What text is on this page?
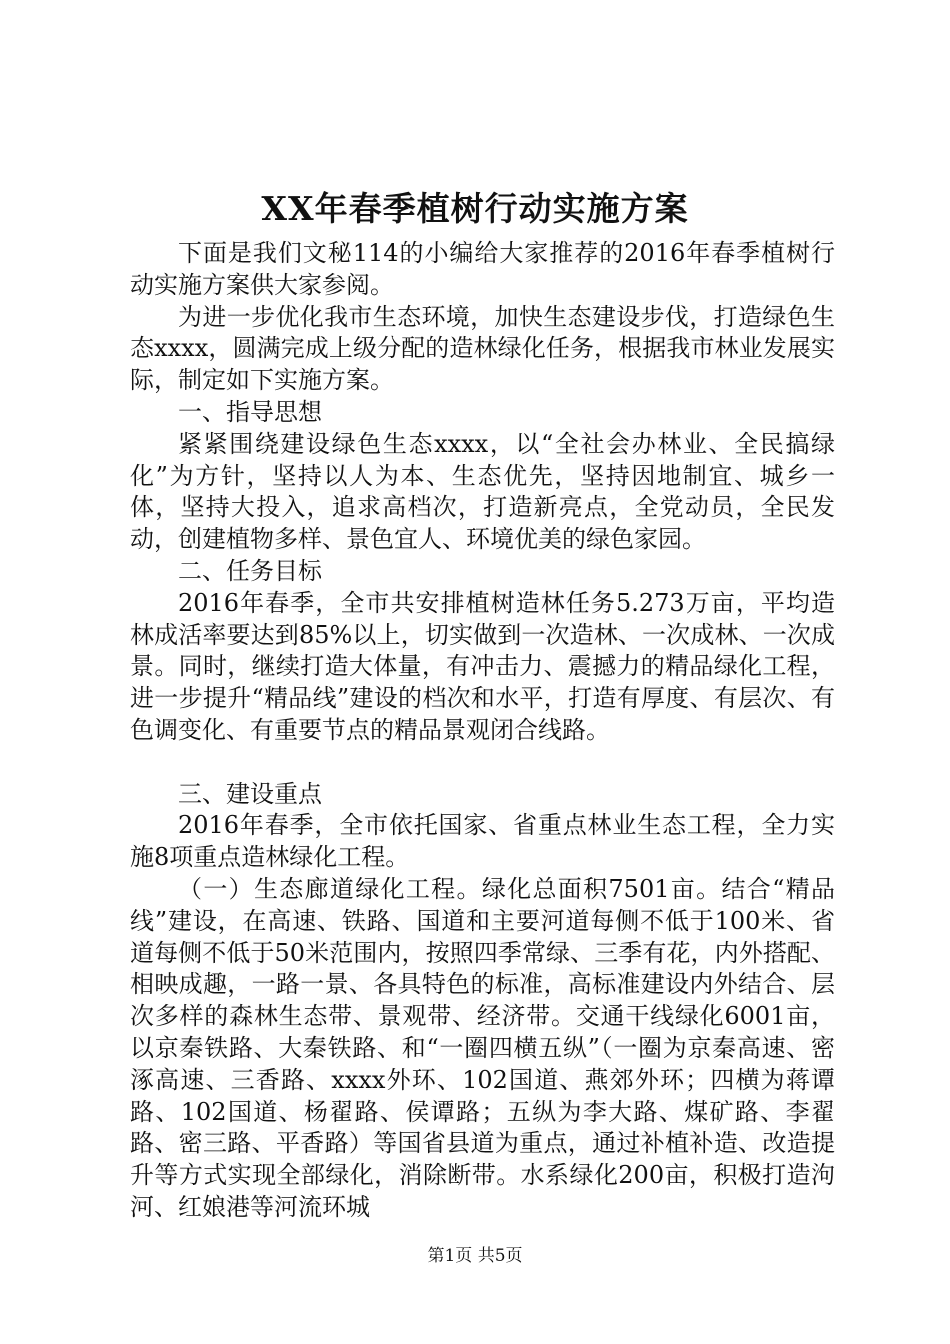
XX年春季植树行动实施方案

下面是我们文秘114的小编给大家推荐的2016年春季植树行动实施方案供大家参阅。

为进一步优化我市生态环境，加快生态建设步伐，打造绿色生态xxxx，圆满完成上级分配的造林绿化任务，根据我市林业发展实际，制定如下实施方案。

一、指导思想

紧紧围绕建设绿色生态xxxx，以“全社会办林业、全民搞绿化”为方针，坚持以人为本、生态优先，坚持因地制宜、城乡一体，坚持大投入，追求高档次，打造新亮点，全党动员，全民发动，创建植物多样、景色宜人、环境优美的绿色家园。

二、任务目标

2016年春季，全市共安排植树造林任务5.273万亩，平均造林成活率要达到85%以上，切实做到一次造林、一次成林、一次成景。同时，继续打造大体量，有冲击力、震撼力的精品绿化工程，进一步提升“精品线”建设的档次和水平，打造有厚度、有层次、有色调变化、有重要节点的精品景观闭合线路。

三、建设重点

2016年春季，全市依托国家、省重点林业生态工程，全力实施8项重点造林绿化工程。

（一）生态廊道绿化工程。绿化总面积7501亩。结合“精品线”建设，在高速、铁路、国道和主要河道每侧不低于100米、省道每侧不低于50米范围内，按照四季常绿、三季有花，内外搭配、相映成趣，一路一景、各具特色的标准，高标准建设内外结合、层次多样的森林生态带、景观带、经济带。交通干线绿化6001亩，以京秦铁路、大秦铁路、和“一圈四横五纵”（一圈为京秦高速、密涿高速、三香路、xxxx外环、102国道、燕郊外环；四横为蒋谭路、102国道、杨翟路、侯谭路；五纵为李大路、煤矿路、李翟路、密三路、平香路）等国省县道为重点，通过补植补造、改造提升等方式实现全部绿化，消除断带。水系绿化200亩，积极打造泃河、红娘港等河流环城

第1页 共5页
